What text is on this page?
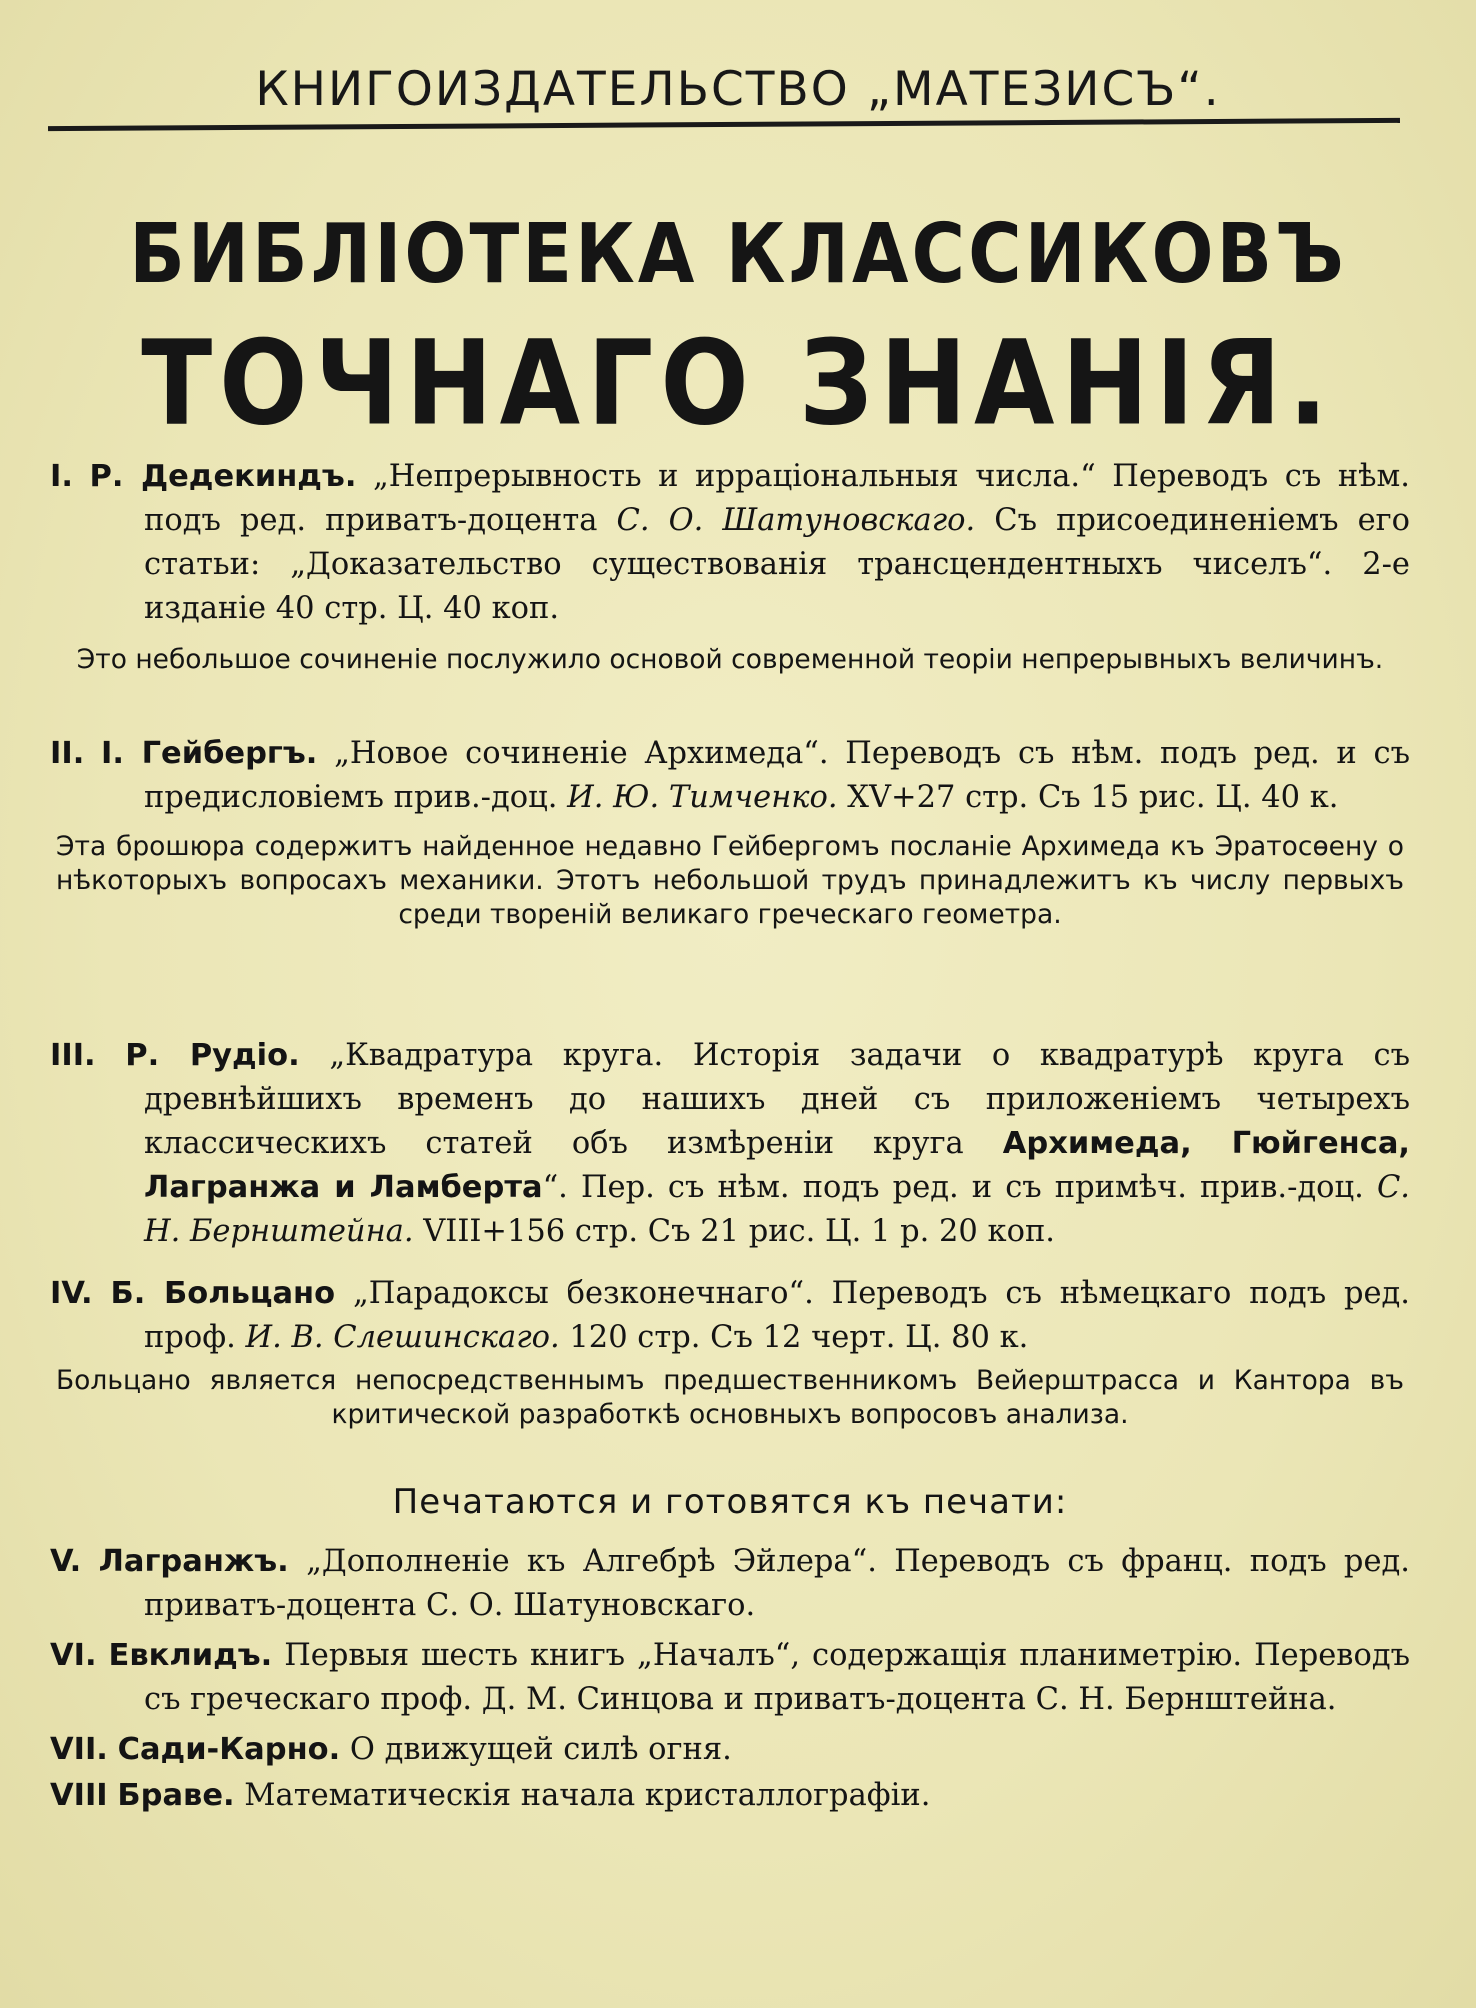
КНИГОИЗДАТЕЛЬСТВО „МАТЕЗИСЪ“.
БИБЛІОТЕКА КЛАССИКОВЪ
ТОЧНАГО ЗНАНІЯ.
I. Р. Дедекиндъ. „Непрерывность и ирраціональныя числа.“ Переводъ съ нѣм. подъ ред. приватъ-доцента С. О. Шатуновскаго. Съ присоединеніемъ его статьи: „Доказательство существованія трансцендентныхъ чиселъ“. 2-е изданіе 40 стр. Ц. 40 коп.
Это небольшое сочиненіе послужило основой современной теоріи непрерывныхъ величинъ.
II. I. Гейбергъ. „Новое сочиненіе Архимеда“. Переводъ съ нѣм. подъ ред. и съ предисловіемъ прив.-доц. И. Ю. Тимченко. XV+27 стр. Съ 15 рис. Ц. 40 к.
Эта брошюра содержитъ найденное недавно Гейбергомъ посланіе Архимеда къ Эратосѳену о нѣкоторыхъ вопросахъ механики. Этотъ небольшой трудъ принадлежитъ къ числу первыхъ среди твореній великаго греческаго геометра.
III. Р. Рудіо. „Квадратура круга. Исторія задачи о квадратурѣ круга съ древнѣйшихъ временъ до нашихъ дней съ приложеніемъ четырехъ классическихъ статей объ измѣреніи круга Архимеда, Гюйгенса, Лагранжа и Ламберта“. Пер. съ нѣм. подъ ред. и съ примѣч. прив.-доц. С. Н. Бернштейна. VIII+156 стр. Съ 21 рис. Ц. 1 р. 20 коп.
IV. Б. Больцано „Парадоксы безконечнаго“. Переводъ съ нѣмецкаго подъ ред. проф. И. В. Слешинскаго. 120 стр. Съ 12 черт. Ц. 80 к.
Больцано является непосредственнымъ предшественникомъ Вейерштрасса и Кантора въ критической разработкѣ основныхъ вопросовъ анализа.
Печатаются и готовятся къ печати:
V. Лагранжъ. „Дополненіе къ Алгебрѣ Эйлера“. Переводъ съ франц. подъ ред. приватъ-доцента С. О. Шатуновскаго.
VI. Евклидъ. Первыя шесть книгъ „Началъ“, содержащія планиметрію. Переводъ съ греческаго проф. Д. М. Синцова и приватъ-доцента С. Н. Бернштейна.
VII. Сади-Карно. О движущей силѣ огня.
VIII Браве. Математическія начала кристаллографіи.
